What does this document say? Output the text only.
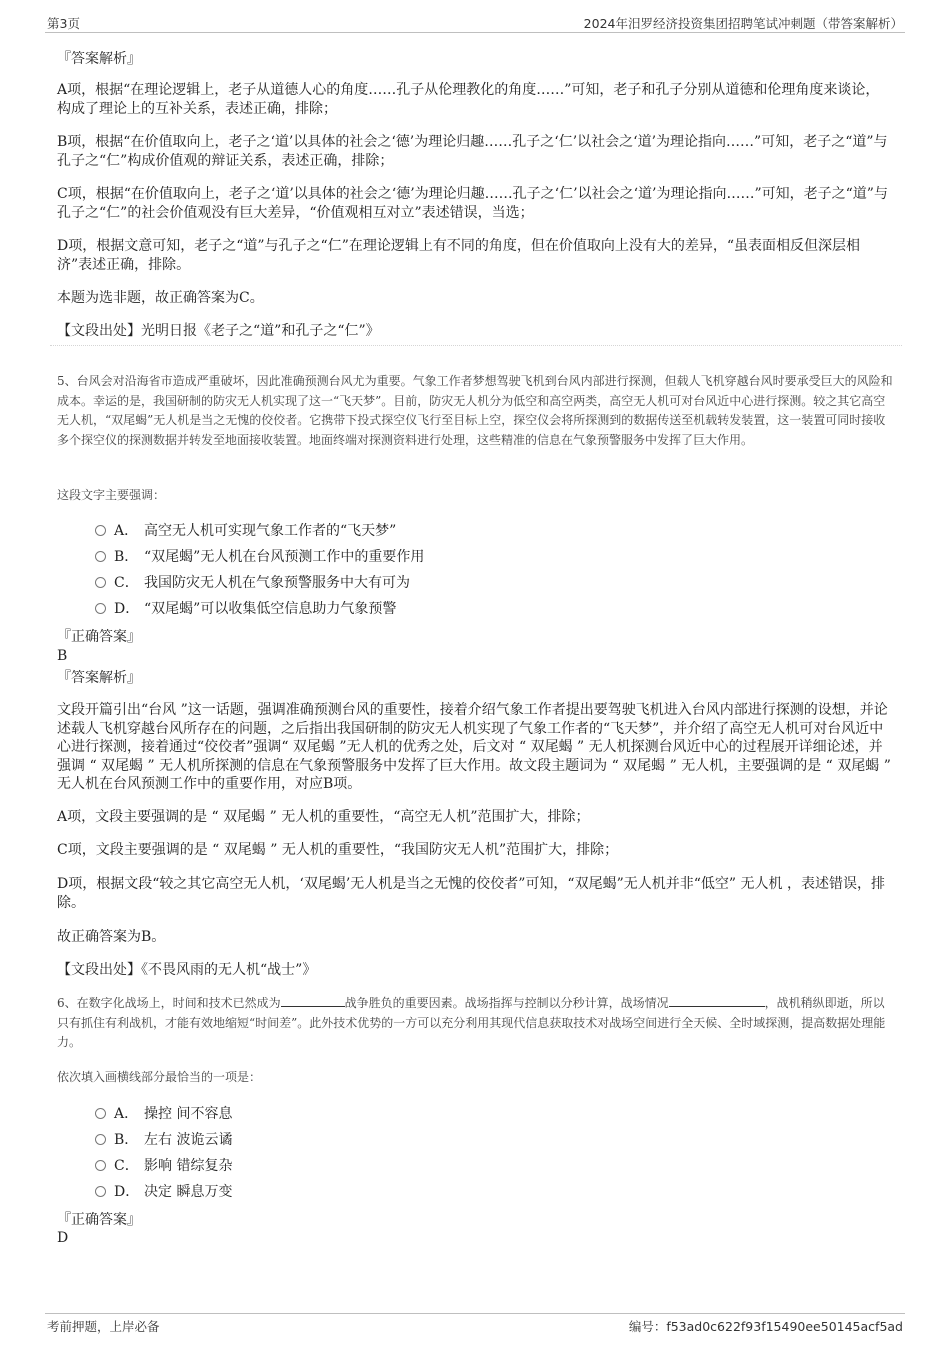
第3页	2024年汨罗经济投资集团招聘笔试冲刺题（带答案解析）
『答案解析』
A项，根据“在理论逻辑上，老子从道德人心的角度……孔子从伦理教化的角度……”可知，老子和孔子分别从道德和伦理角度来谈论，构成了理论上的互补关系，表述正确，排除；
B项，根据“在价值取向上，老子之‘道’以具体的社会之‘德’为理论归趣……孔子之‘仁’以社会之‘道’为理论指向……”可知，老子之“道”与孔子之“仁”构成价值观的辩证关系，表述正确，排除；
C项，根据“在价值取向上，老子之‘道’以具体的社会之‘德’为理论归趣……孔子之‘仁’以社会之‘道’为理论指向……”可知，老子之“道”与孔子之“仁”的社会价值观没有巨大差异，“价值观相互对立”表述错误，当选；
D项，根据文意可知，老子之“道”与孔子之“仁”在理论逻辑上有不同的角度，但在价值取向上没有大的差异，“虽表面相反但深层相济”表述正确，排除。
本题为选非题，故正确答案为C。
【文段出处】光明日报《老子之“道”和孔子之“仁”》
5、台风会对沿海省市造成严重破坏，因此准确预测台风尤为重要。气象工作者梦想驾驶飞机到台风内部进行探测，但载人飞机穿越台风时要承受巨大的风险和成本。幸运的是，我国研制的防灾无人机实现了这一“飞天梦”。目前，防灾无人机分为低空和高空两类，高空无人机可对台风近中心进行探测。较之其它高空无人机，“双尾蝎”无人机是当之无愧的佼佼者。它携带下投式探空仪飞行至目标上空，探空仪会将所探测到的数据传送至机载转发装置，这一装置可同时接收多个探空仪的探测数据并转发至地面接收装置。地面终端对探测资料进行处理，这些精准的信息在气象预警服务中发挥了巨大作用。
这段文字主要强调：
A． 高空无人机可实现气象工作者的“飞天梦”
B． “双尾蝎”无人机在台风预测工作中的重要作用
C． 我国防灾无人机在气象预警服务中大有可为
D． “双尾蝎”可以收集低空信息助力气象预警
『正确答案』
B
『答案解析』
文段开篇引出“台风 ”这一话题，强调准确预测台风的重要性，接着介绍气象工作者提出要驾驶飞机进入台风内部进行探测的设想，并论述载人飞机穿越台风所存在的问题，之后指出我国研制的防灾无人机实现了气象工作者的“飞天梦”，并介绍了高空无人机可对台风近中心进行探测，接着通过“佼佼者”强调“ 双尾蝎 ”无人机的优秀之处，后文对 “ 双尾蝎 ” 无人机探测台风近中心的过程展开详细论述，并强调 “ 双尾蝎 ” 无人机所探测的信息在气象预警服务中发挥了巨大作用。故文段主题词为 “ 双尾蝎 ” 无人机，主要强调的是 “ 双尾蝎 ” 无人机在台风预测工作中的重要作用，对应B项。
A项，文段主要强调的是 “ 双尾蝎 ” 无人机的重要性，“高空无人机”范围扩大，排除；
C项，文段主要强调的是 “ 双尾蝎 ” 无人机的重要性，“我国防灾无人机”范围扩大，排除；
D项，根据文段“较之其它高空无人机，‘双尾蝎’无人机是当之无愧的佼佼者”可知，“双尾蝎”无人机并非“低空” 无人机 ，表述错误，排除。
故正确答案为B。
【文段出处】《不畏风雨的无人机“战士”》
6、在数字化战场上，时间和技术已然成为	战争胜负的重要因素。战场指挥与控制以分秒计算，战场情况	，战机稍纵即逝，所以只有抓住有利战机，才能有效地缩短“时间差”。此外技术优势的一方可以充分利用其现代信息获取技术对战场空间进行全天候、全时域探测，提高数据处理能力。
依次填入画横线部分最恰当的一项是：
A． 操控 间不容息
B． 左右 波诡云谲
C． 影响 错综复杂
D． 决定 瞬息万变
『正确答案』
D
考前押题，上岸必备	编号：f53ad0c622f93f15490ee50145acf5ad
